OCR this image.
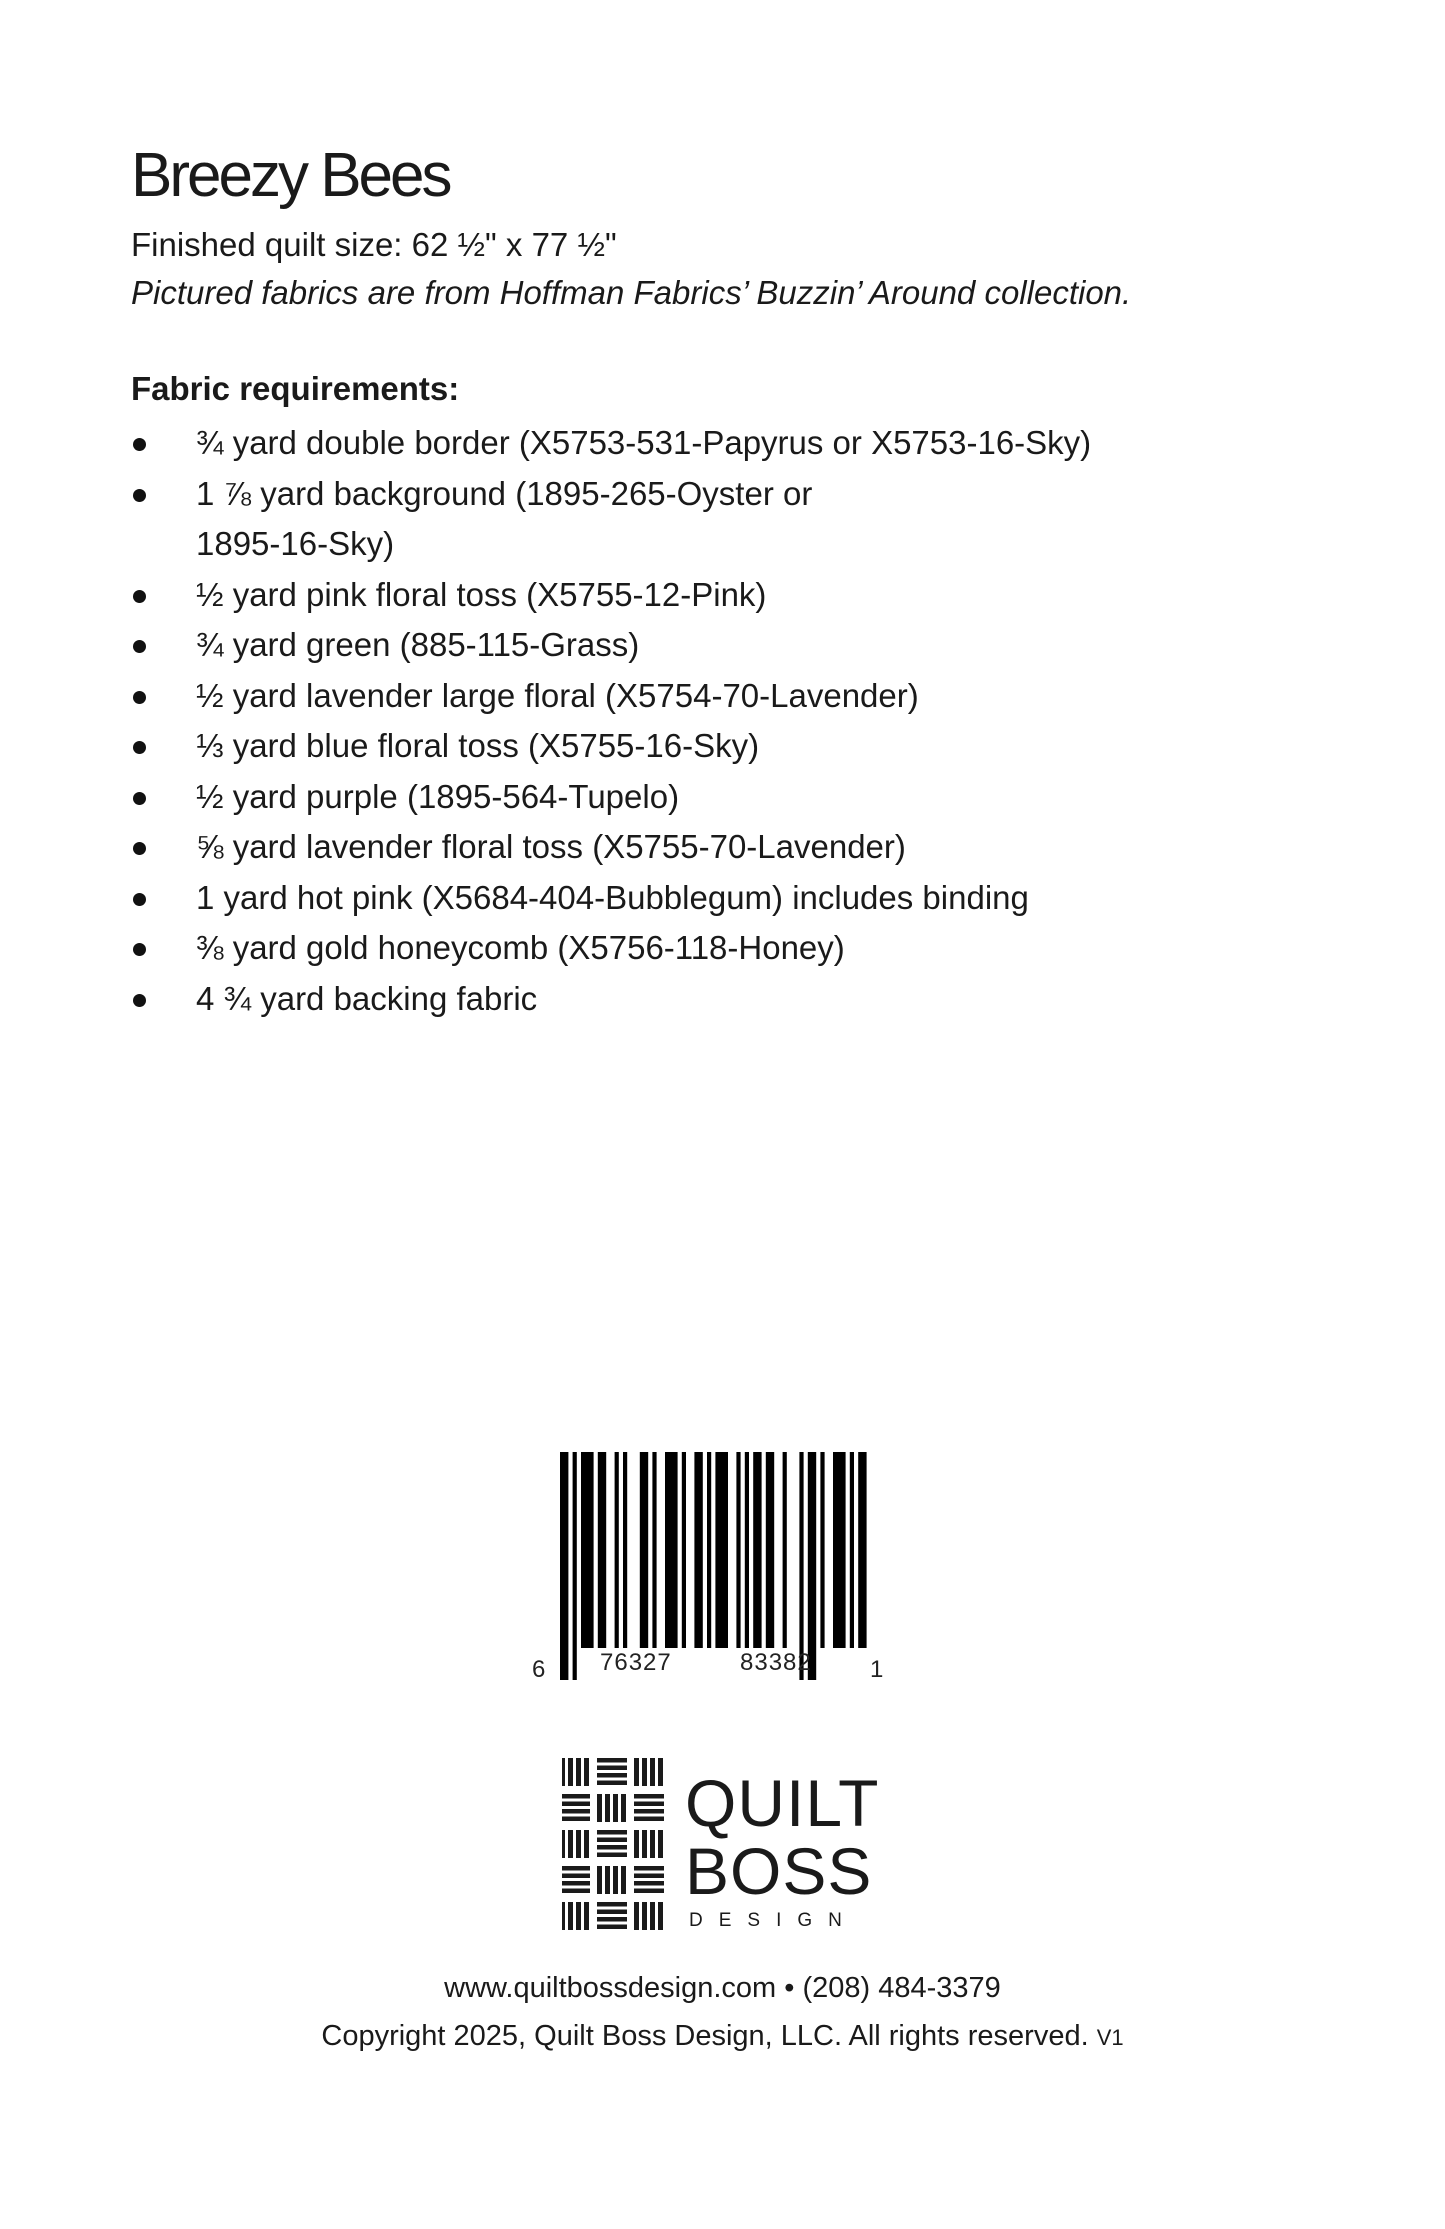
Breezy Bees

Finished quilt size: 62 ½" x 77 ½"

Pictured fabrics are from Hoffman Fabrics’ Buzzin’ Around collection.

Fabric requirements:

¾ yard double border (X5753-531-Papyrus or X5753-16-Sky)
1 ⅞ yard background (1895-265-Oyster or 1895-16-Sky)
½ yard pink floral toss (X5755-12-Pink)
¾ yard green (885-115-Grass)
½ yard lavender large floral (X5754-70-Lavender)
⅓ yard blue floral toss (X5755-16-Sky)
½ yard purple (1895-564-Tupelo)
⅝ yard lavender floral toss (X5755-70-Lavender)
1 yard hot pink (X5684-404-Bubblegum) includes binding
⅜ yard gold honeycomb (X5756-118-Honey)
4 ¾ yard backing fabric
6 76327	83382 1
QUILT
BOSS
DESIGN
www.quiltbossdesign.com • (208) 484-3379
Copyright 2025, Quilt Boss Design, LLC. All rights reserved. V1
